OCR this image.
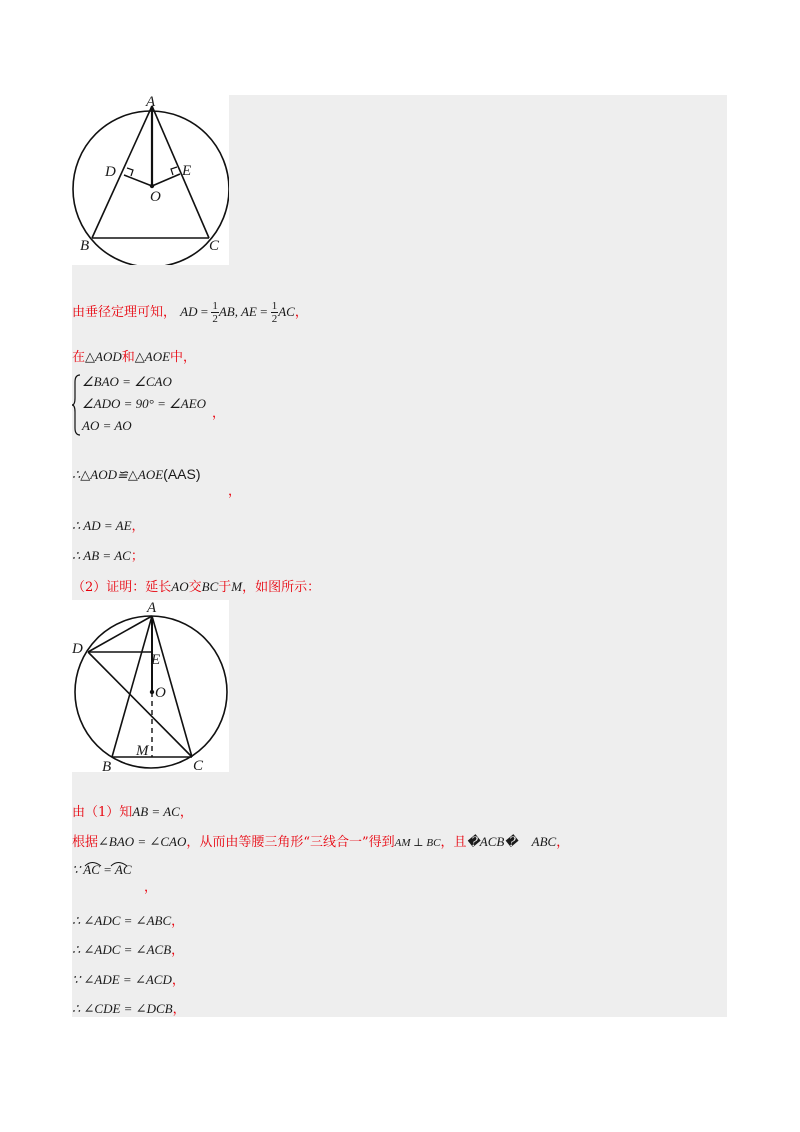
A
D	E
O
B	C
由垂径定理可知， AD = $\frac{1}{2}$ AB, AE = $\frac{1}{2}$ AC，
在△AOD和△AOE中，
∠BAO = ∠CAO
∠ADO = 90° = ∠AEO
AO = AO
，
∴△AOD≌△AOE(AAS)
，
∴ AD = AE，
∴ AB = AC；
（2）证明：延长AO交BC于M，如图所示：
A
D
E
O
M
B	C
由（1）知AB = AC，
根据∠BAO = ∠CAO，从而由等腰三角形“三线合一”得到AM ⊥ BC，且�ACB� ABC，
∵ AC = AC
，
∴ ∠ADC = ∠ABC，
∴ ∠ADC = ∠ACB，
∵ ∠ADE = ∠ACD，
∴ ∠CDE = ∠DCB，
